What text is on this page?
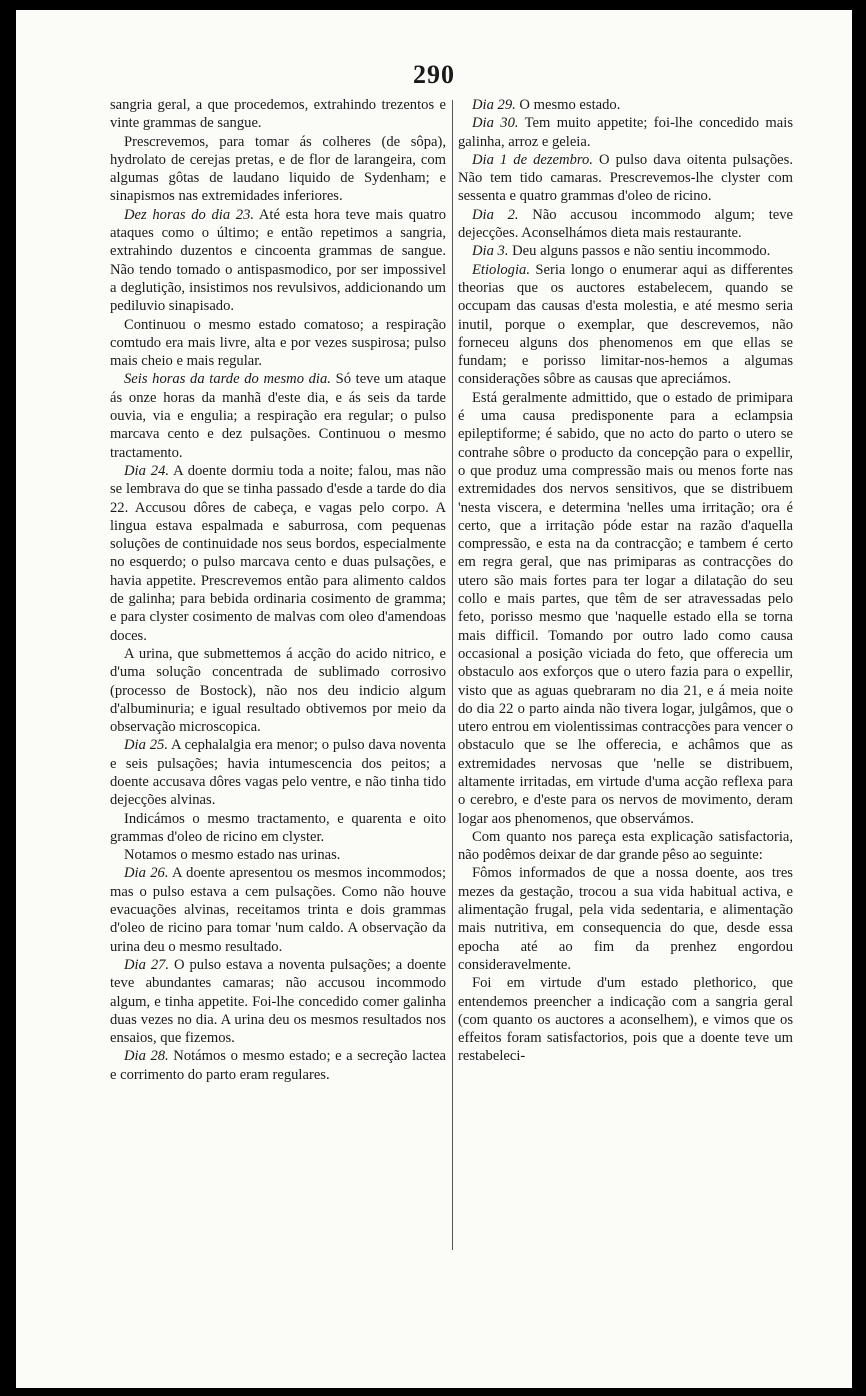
290

sangria geral, a que procedemos, extrahindo trezentos e vinte grammas de sangue.

Prescrevemos, para tomar ás colheres (de sôpa), hydrolato de cerejas pretas, e de flor de larangeira, com algumas gôtas de laudano liquido de Sydenham; e sinapismos nas extremidades inferiores.

Dez horas do dia 23. Até esta hora teve mais quatro ataques como o último; e então repetimos a sangria, extrahindo duzentos e cincoenta grammas de sangue. Não tendo tomado o antispasmodico, por ser impossivel a deglutição, insistimos nos revulsivos, addicionando um pediluvio sinapisado.

Continuou o mesmo estado comatoso; a respiração comtudo era mais livre, alta e por vezes suspirosa; pulso mais cheio e mais regular.

Seis horas da tarde do mesmo dia. Só teve um ataque ás onze horas da manhã d'este dia, e ás seis da tarde ouvia, via e engulia; a respiração era regular; o pulso marcava cento e dez pulsações. Continuou o mesmo tractamento.

Dia 24. A doente dormiu toda a noite; falou, mas não se lembrava do que se tinha passado d'esde a tarde do dia 22. Accusou dôres de cabeça, e vagas pelo corpo. A lingua estava espalmada e saburrosa, com pequenas soluções de continuidade nos seus bordos, especialmente no esquerdo; o pulso marcava cento e duas pulsações, e havia appetite. Prescrevemos então para alimento caldos de galinha; para bebida ordinaria cosimento de gramma; e para clyster cosimento de malvas com oleo d'amendoas doces.

A urina, que submettemos á acção do acido nitrico, e d'uma solução concentrada de sublimado corrosivo (processo de Bostock), não nos deu indicio algum d'albuminuria; e igual resultado obtivemos por meio da observação microscopica.

Dia 25. A cephalalgia era menor; o pulso dava noventa e seis pulsações; havia intumescencia dos peitos; a doente accusava dôres vagas pelo ventre, e não tinha tido dejecções alvinas.

Indicámos o mesmo tractamento, e quarenta e oito grammas d'oleo de ricino em clyster.

Notamos o mesmo estado nas urinas.

Dia 26. A doente apresentou os mesmos incommodos; mas o pulso estava a cem pulsações. Como não houve evacuações alvinas, receitamos trinta e dois grammas d'oleo de ricino para tomar 'num caldo. A observação da urina deu o mesmo resultado.

Dia 27. O pulso estava a noventa pulsações; a doente teve abundantes camaras; não accusou incommodo algum, e tinha appetite. Foi-lhe concedido comer galinha duas vezes no dia. A urina deu os mesmos resultados nos ensaios, que fizemos.

Dia 28. Notámos o mesmo estado; e a secreção lactea e corrimento do parto eram regulares.

Dia 29. O mesmo estado.

Dia 30. Tem muito appetite; foi-lhe concedido mais galinha, arroz e geleia.

Dia 1 de dezembro. O pulso dava oitenta pulsações. Não tem tido camaras. Prescrevemos-lhe clyster com sessenta e quatro grammas d'oleo de ricino.

Dia 2. Não accusou incommodo algum; teve dejecções. Aconselhámos dieta mais restaurante.

Dia 3. Deu alguns passos e não sentiu incommodo.

Etiologia. Seria longo o enumerar aqui as differentes theorias que os auctores estabelecem, quando se occupam das causas d'esta molestia, e até mesmo seria inutil, porque o exemplar, que descrevemos, não forneceu alguns dos phenomenos em que ellas se fundam; e porisso limitar-nos-hemos a algumas considerações sôbre as causas que apreciámos.

Está geralmente admittido, que o estado de primipara é uma causa predisponente para a eclampsia epileptiforme; é sabido, que no acto do parto o utero se contrahe sôbre o producto da concepção para o expellir, o que produz uma compressão mais ou menos forte nas extremidades dos nervos sensitivos, que se distribuem 'nesta viscera, e determina 'nelles uma irritação; ora é certo, que a irritação póde estar na razão d'aquella compressão, e esta na da contracção; e tambem é certo em regra geral, que nas primiparas as contracções do utero são mais fortes para ter logar a dilatação do seu collo e mais partes, que têm de ser atravessadas pelo feto, porisso mesmo que 'naquelle estado ella se torna mais difficil. Tomando por outro lado como causa occasional a posição viciada do feto, que offerecia um obstaculo aos exforços que o utero fazia para o expellir, visto que as aguas quebraram no dia 21, e á meia noite do dia 22 o parto ainda não tivera logar, julgâmos, que o utero entrou em violentissimas contracções para vencer o obstaculo que se lhe offerecia, e achâmos que as extremidades nervosas que 'nelle se distribuem, altamente irritadas, em virtude d'uma acção reflexa para o cerebro, e d'este para os nervos de movimento, deram logar aos phenomenos, que observámos.

Com quanto nos pareça esta explicação satisfactoria, não podêmos deixar de dar grande pêso ao seguinte:

Fômos informados de que a nossa doente, aos tres mezes da gestação, trocou a sua vida habitual activa, e alimentação frugal, pela vida sedentaria, e alimentação mais nutritiva, em consequencia do que, desde essa epocha até ao fim da prenhez engordou consideravelmente.

Foi em virtude d'um estado plethorico, que entendemos preencher a indicação com a sangria geral (com quanto os auctores a aconselhem), e vimos que os effeitos foram satisfactorios, pois que a doente teve um restabeleci-
